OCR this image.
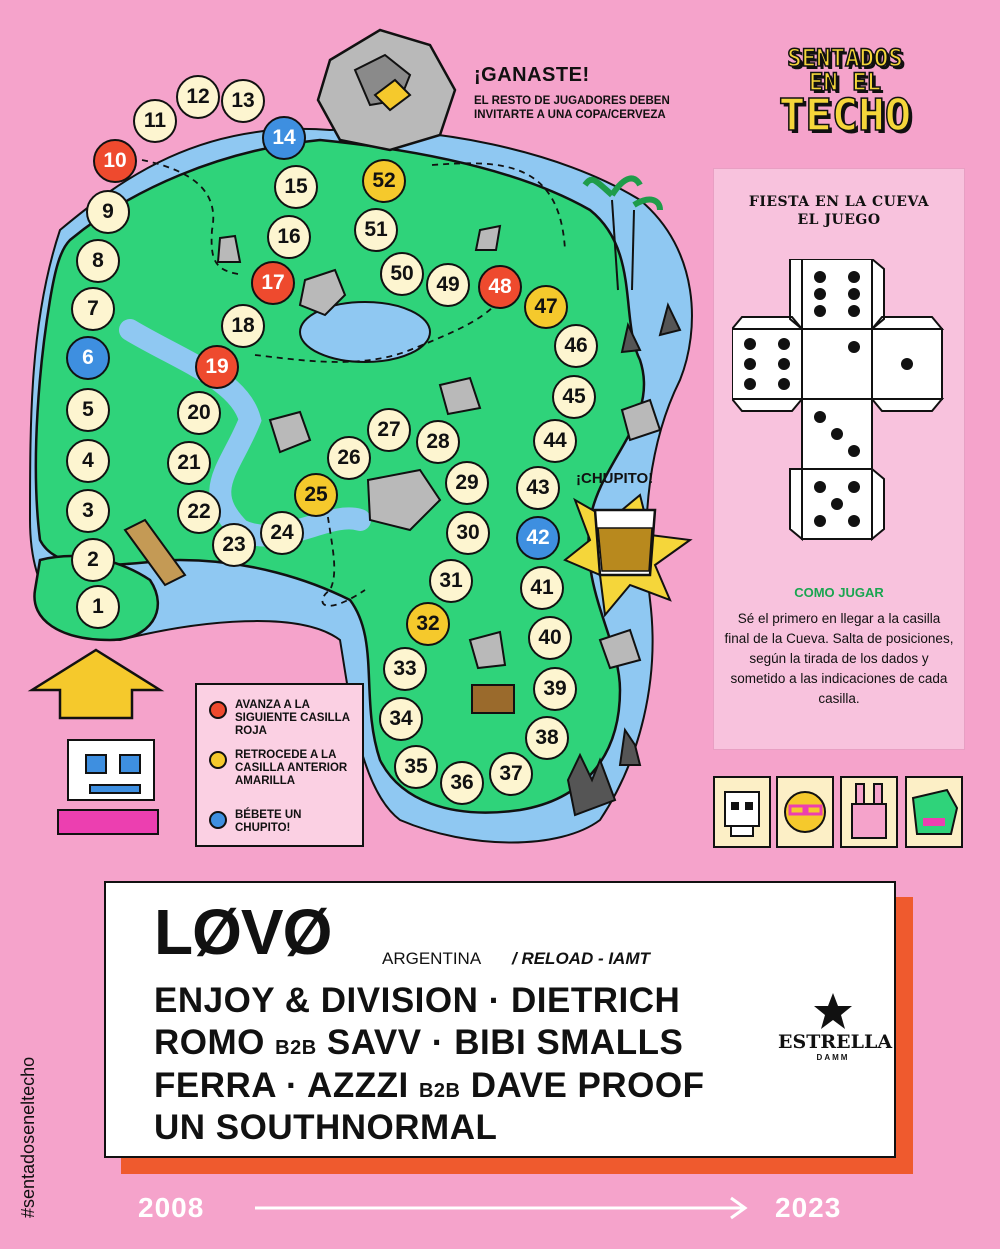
1
2
3
4
5
6
7
8
9
10
11
12	13
14
15
16
17
18
19
20
21
22
23
24
25
26
27
28
29
30
31
32
33
34
35
36	37
38
39
40
41
42
43
44
45
46
47
48
49
50
51
52
¡GANASTE!
EL RESTO DE JUGADORES DEBEN INVITARTE A UNA COPA/CERVEZA
¡CHUPITO!
SENTADOS
EN EL
TECHO
FIESTA EN LA CUEVA
EL JUEGO
COMO JUGAR
Sé el primero en llegar a la casilla final de la Cueva. Salta de posiciones, según la tirada de los dados y sometido a las indicaciones de cada casilla.
AVANZA A LA SIGUIENTE CASILLA ROJA
RETROCEDE A LA CASILLA ANTERIOR AMARILLA
BÉBETE UN CHUPITO!
LØVØ	ARGENTINA / RELOAD - IAMT
ENJOY & DIVISION · DIETRICH
ROMO B2B SAVV · BIBI SMALLS
FERRA · AZZZI B2B DAVE PROOF
UN SOUTHNORMAL
ESTRELLA
DAMM
#sentadoseneltecho	2008	2023
